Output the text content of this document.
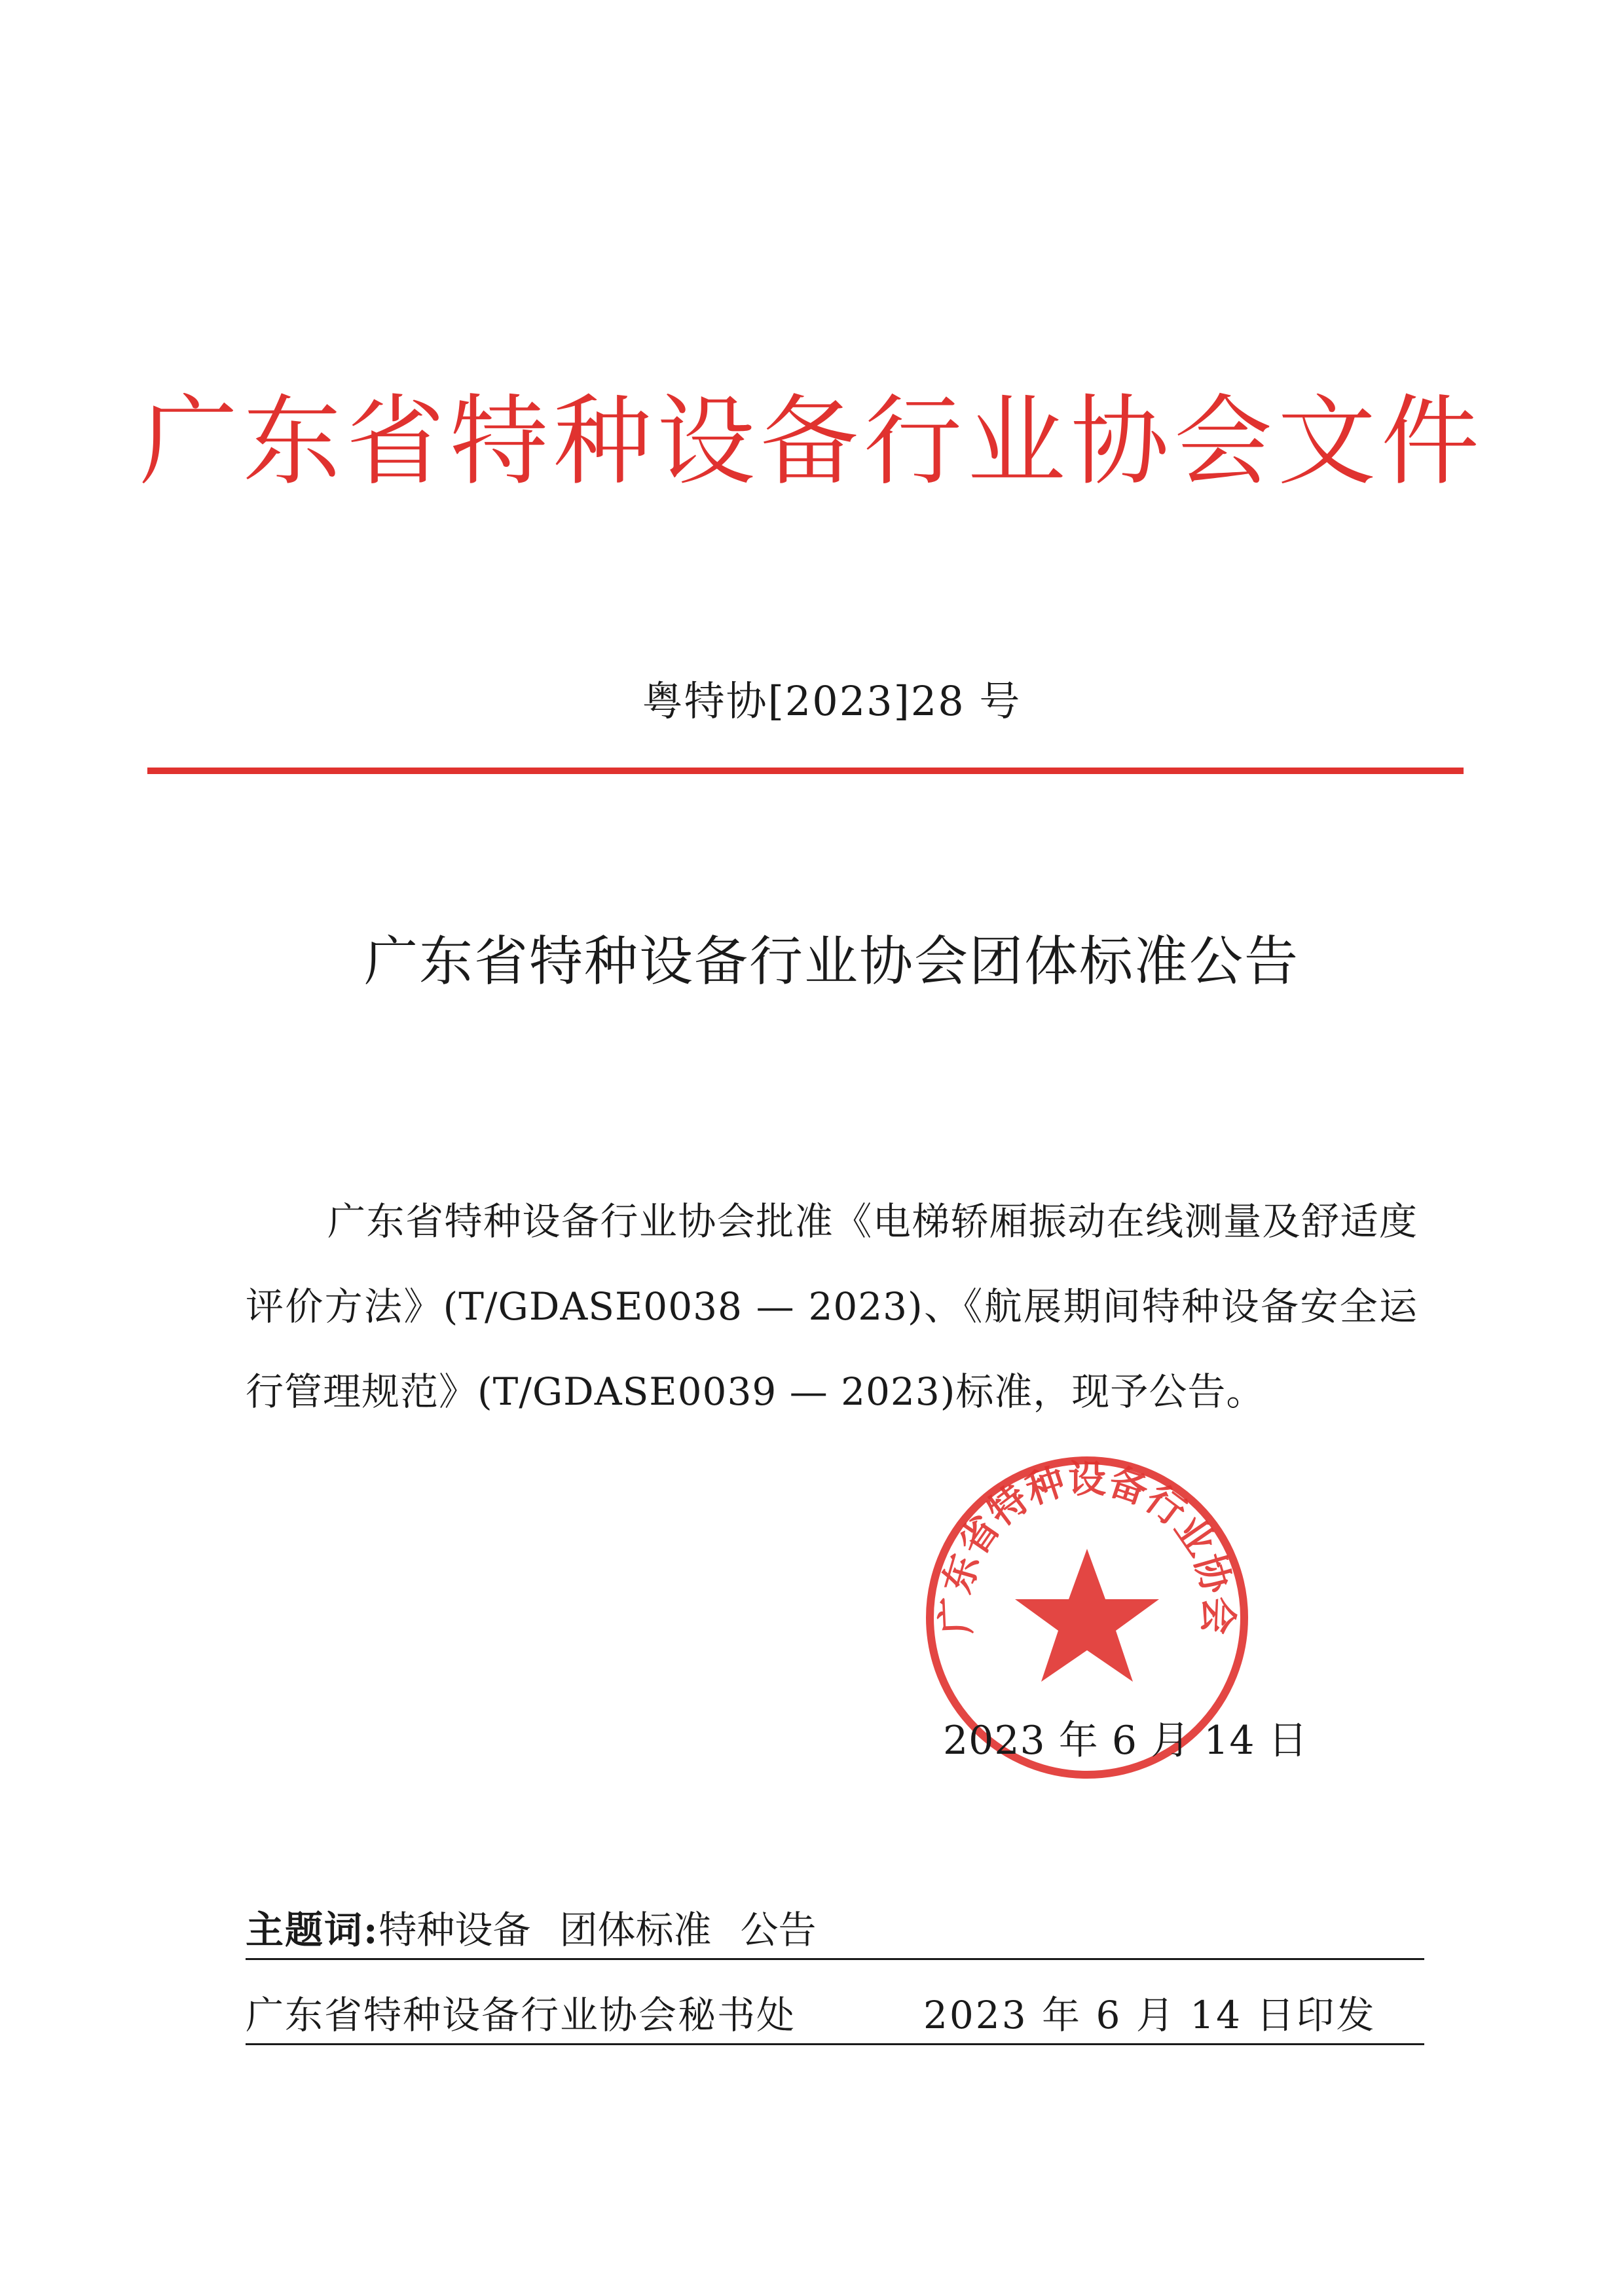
广东省特种设备行业协会文件
粤特协[2023]28 号
广东省特种设备行业协会团体标准公告

广东省特种设备行业协会批准《电梯轿厢振动在线测量及舒适度评价方法》(T/GDASE0038 — 2023)、《航展期间特种设备安全运行管理规范》(T/GDASE0039 — 2023)标准，现予公告。

广东省特种设备行业协会
2023 年 6 月 14 日
主题词:特种设备 团体标准 公告
广东省特种设备行业协会秘书处	2023 年 6 月 14 日印发
